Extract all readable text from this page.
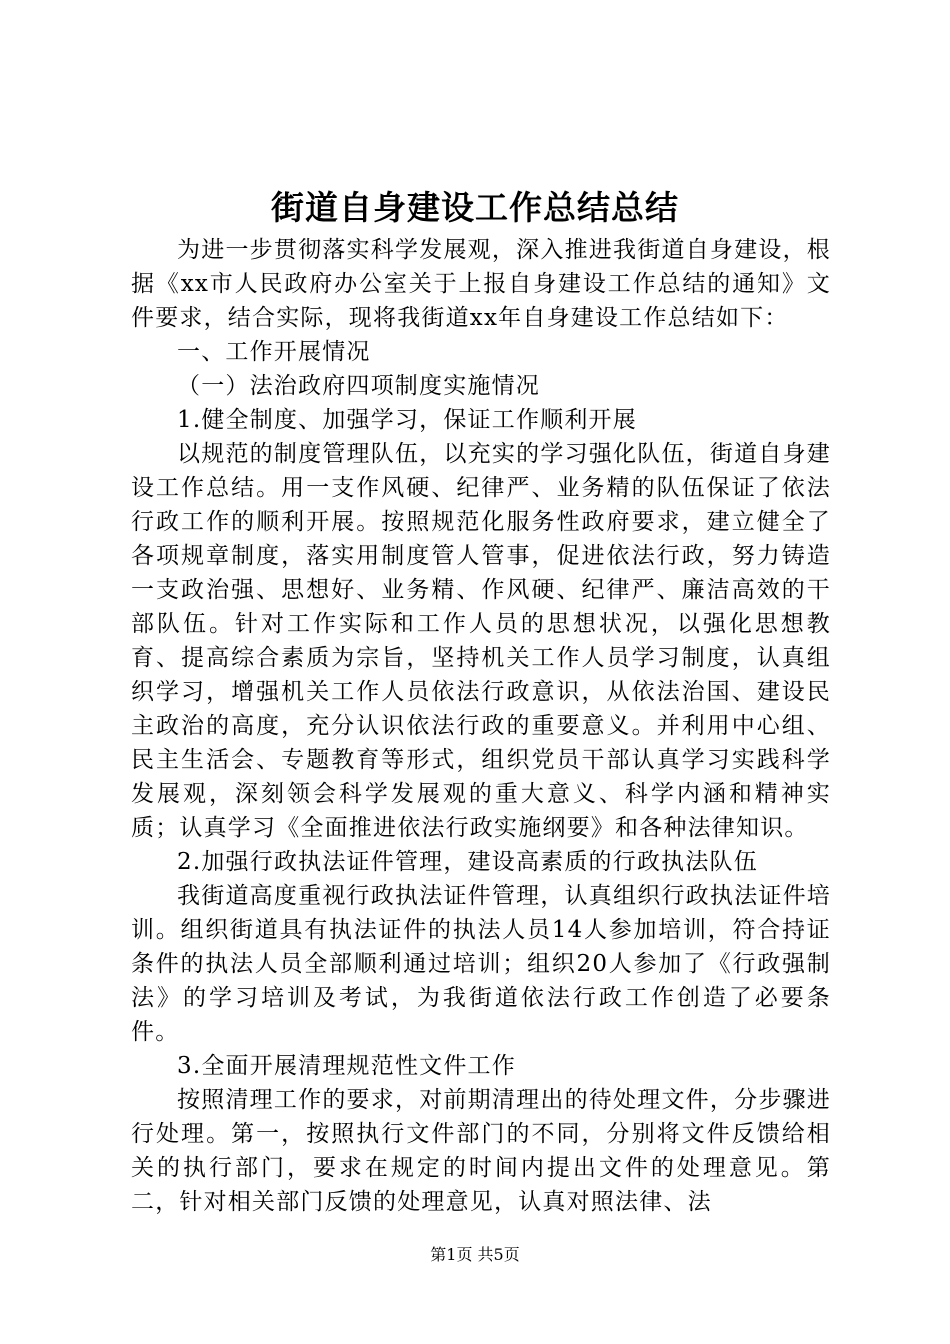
街道自身建设工作总结总结

为进一步贯彻落实科学发展观，深入推进我街道自身建设，根据《xx市人民政府办公室关于上报自身建设工作总结的通知》文件要求，结合实际，现将我街道xx年自身建设工作总结如下：

一、工作开展情况

（一）法治政府四项制度实施情况

1.健全制度、加强学习，保证工作顺利开展

以规范的制度管理队伍，以充实的学习强化队伍，街道自身建设工作总结。用一支作风硬、纪律严、业务精的队伍保证了依法行政工作的顺利开展。按照规范化服务性政府要求，建立健全了各项规章制度，落实用制度管人管事，促进依法行政，努力铸造一支政治强、思想好、业务精、作风硬、纪律严、廉洁高效的干部队伍。针对工作实际和工作人员的思想状况，以强化思想教育、提高综合素质为宗旨，坚持机关工作人员学习制度，认真组织学习，增强机关工作人员依法行政意识，从依法治国、建设民主政治的高度，充分认识依法行政的重要意义。并利用中心组、民主生活会、专题教育等形式，组织党员干部认真学习实践科学发展观，深刻领会科学发展观的重大意义、科学内涵和精神实质；认真学习《全面推进依法行政实施纲要》和各种法律知识。

2.加强行政执法证件管理，建设高素质的行政执法队伍

我街道高度重视行政执法证件管理，认真组织行政执法证件培训。组织街道具有执法证件的执法人员14人参加培训，符合持证条件的执法人员全部顺利通过培训；组织20人参加了《行政强制法》的学习培训及考试，为我街道依法行政工作创造了必要条件。

3.全面开展清理规范性文件工作

按照清理工作的要求，对前期清理出的待处理文件，分步骤进行处理。第一，按照执行文件部门的不同，分别将文件反馈给相关的执行部门，要求在规定的时间内提出文件的处理意见。第二，针对相关部门反馈的处理意见，认真对照法律、法

第1页 共5页
